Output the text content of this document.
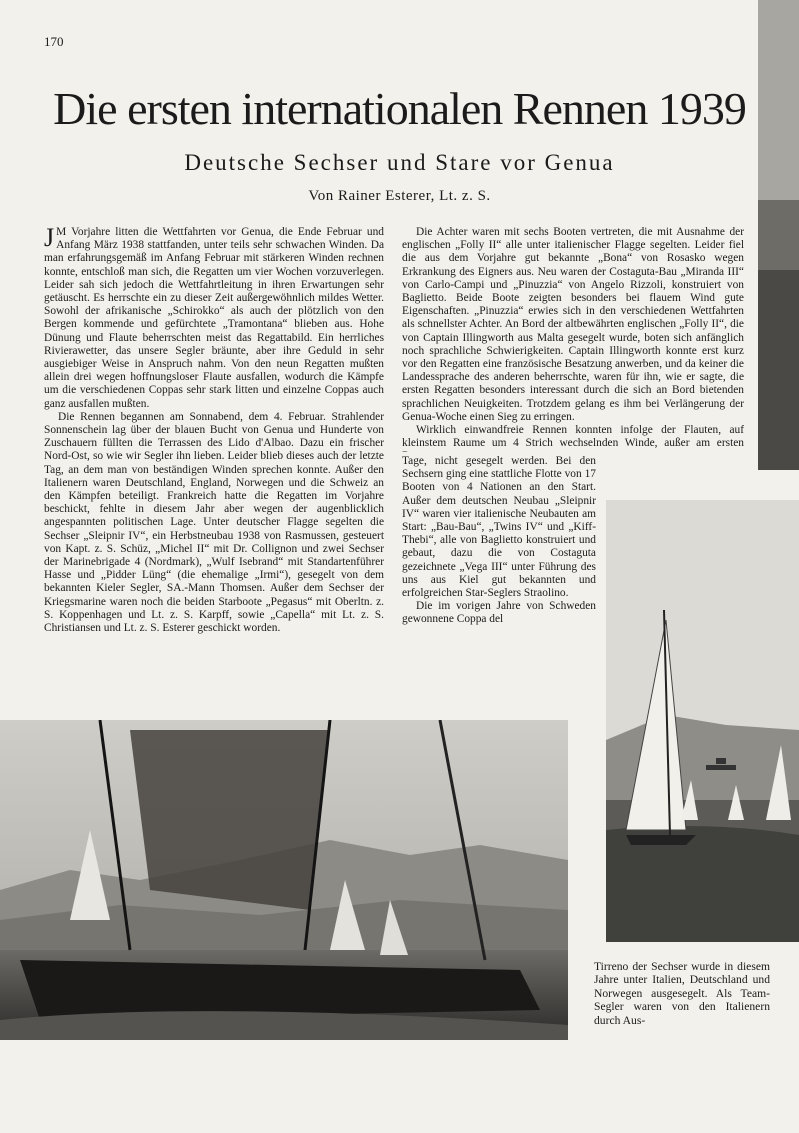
170
Die ersten internationalen Rennen 1939
Deutsche Sechser und Stare vor Genua
Von Rainer Esterer, Lt. z. S.

J M Vorjahre litten die Wettfahrten vor Genua, die Ende Februar und Anfang März 1938 stattfanden, unter teils sehr schwachen Winden. Da man erfahrungsgemäß im Anfang Februar mit stärkeren Winden rechnen konnte, entschloß man sich, die Regatten um vier Wochen vorzuverlegen. Leider sah sich jedoch die Wettfahrtleitung in ihren Erwartungen sehr getäuscht. Es herrschte ein zu dieser Zeit außergewöhnlich mildes Wetter. Sowohl der afrikanische „Schirokko“ als auch der plötzlich von den Bergen kommende und gefürchtete „Tramontana“ blieben aus. Hohe Dünung und Flaute beherrschten meist das Regattabild. Ein herrliches Rivierawetter, das unsere Segler bräunte, aber ihre Geduld in sehr ausgiebiger Weise in Anspruch nahm. Von den neun Regatten mußten allein drei wegen hoffnungsloser Flaute ausfallen, wodurch die Kämpfe um die verschiedenen Coppas sehr stark litten und einzelne Coppas auch ganz ausfallen mußten.

Die Rennen begannen am Sonnabend, dem 4. Februar. Strahlender Sonnenschein lag über der blauen Bucht von Genua und Hunderte von Zuschauern füllten die Terrassen des Lido d'Albao. Dazu ein frischer Nord-Ost, so wie wir Segler ihn lieben. Leider blieb dieses auch der letzte Tag, an dem man von beständigen Winden sprechen konnte. Außer den Italienern waren Deutschland, England, Norwegen und die Schweiz an den Kämpfen beteiligt. Frankreich hatte die Regatten im Vorjahre beschickt, fehlte in diesem Jahr aber wegen der augenblicklich angespannten politischen Lage. Unter deutscher Flagge segelten die Sechser „Sleipnir IV“, ein Herbstneubau 1938 von Rasmussen, gesteuert von Kapt. z. S. Schüz, „Michel II“ mit Dr. Collignon und zwei Sechser der Marinebrigade 4 (Nordmark), „Wulf Isebrand“ mit Standartenführer Hasse und „Pidder Lüng“ (die ehemalige „Irmi“), gesegelt von dem bekannten Kieler Segler, SA.-Mann Thomsen. Außer dem Sechser der Kriegsmarine waren noch die beiden Starboote „Pegasus“ mit Oberltn. z. S. Koppenhagen und Lt. z. S. Karpff, sowie „Capella“ mit Lt. z. S. Christiansen und Lt. z. S. Esterer geschickt worden.

Die Achter waren mit sechs Booten vertreten, die mit Ausnahme der englischen „Folly II“ alle unter italienischer Flagge segelten. Leider fiel die aus dem Vorjahre gut bekannte „Bona“ von Rosasko wegen Erkrankung des Eigners aus. Neu waren der Costaguta-Bau „Miranda III“ von Carlo-Campi und „Pinuzzia“ von Angelo Rizzoli, konstruiert von Baglietto. Beide Boote zeigten besonders bei flauem Wind gute Eigenschaften. „Pinuzzia“ erwies sich in den verschiedenen Wettfahrten als schnellster Achter. An Bord der altbewährten englischen „Folly II“, die von Captain Illingworth aus Malta gesegelt wurde, boten sich anfänglich noch sprachliche Schwierigkeiten. Captain Illingworth konnte erst kurz vor den Regatten eine französische Besatzung anwerben, und da keiner die Landessprache des anderen beherrschte, waren für ihn, wie er sagte, die ersten Regatten besonders interessant durch die sich an Bord bietenden sprachlichen Neuigkeiten. Trotzdem gelang es ihm bei Verlängerung der Genua-Woche einen Sieg zu erringen.

Wirklich einwandfreie Rennen konnten infolge der Flauten, auf kleinstem Raume um 4 Strich wechselnden Winde, außer am ersten

Tage, nicht gesegelt werden. Bei den Sechsern ging eine stattliche Flotte von 17 Booten von 4 Nationen an den Start. Außer dem deutschen Neubau „Sleipnir IV“ waren vier italienische Neubauten am Start: „Bau-Bau“, „Twins IV“ und „Kiff-Thebi“, alle von Baglietto konstruiert und gebaut, dazu die von Costaguta gezeichnete „Vega III“ unter Führung des uns aus Kiel gut bekannten und erfolgreichen Star-Seglers Straolino.

Die im vorigen Jahre von Schweden gewonnene Coppa del

Tirreno der Sechser wurde in diesem Jahre unter Italien, Deutschland und Norwegen ausgesegelt. Als Team-Segler waren von den Italienern durch Aus-
